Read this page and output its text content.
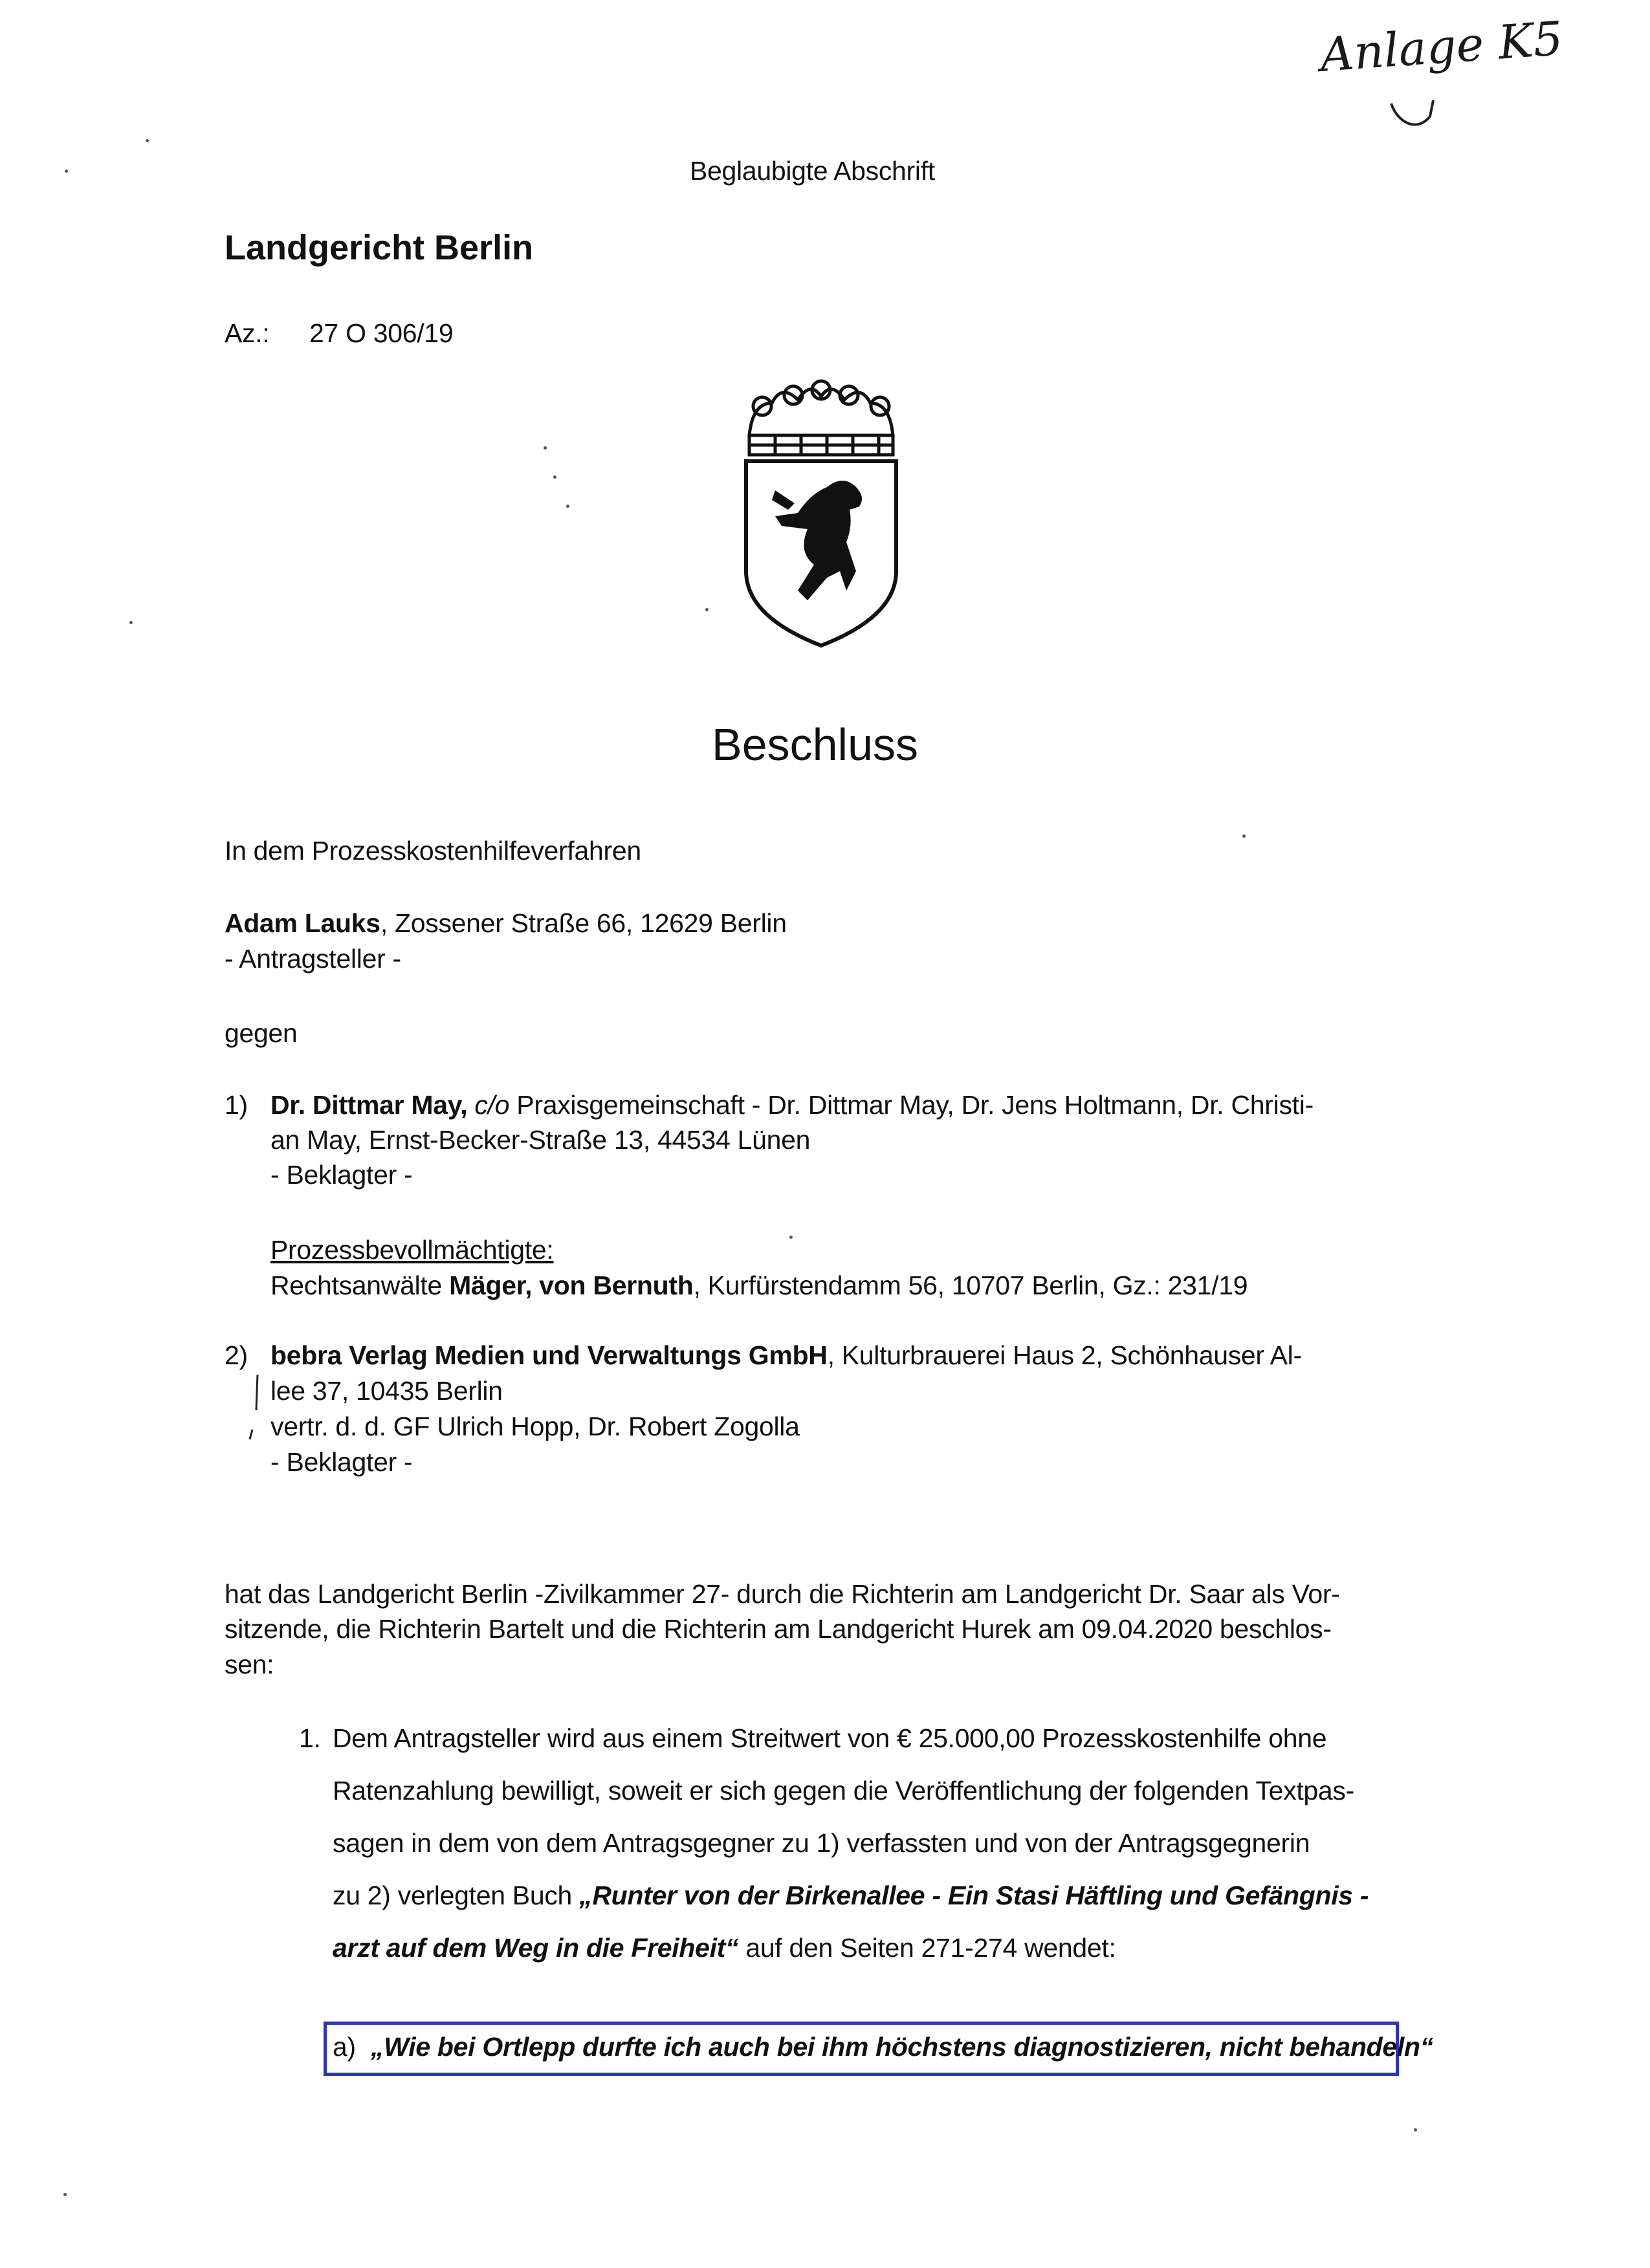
Anlage K5
Beglaubigte Abschrift
Landgericht Berlin
Az.: 27 O 306/19
Beschluss
In dem Prozesskostenhilfeverfahren
Adam Lauks, Zossener Straße 66, 12629 Berlin
- Antragsteller -
gegen
1) Dr. Dittmar May, c/o Praxisgemeinschaft - Dr. Dittmar May, Dr. Jens Holtmann, Dr. Christi-
an May, Ernst-Becker-Straße 13, 44534 Lünen
- Beklagter -
Prozessbevollmächtigte:
Rechtsanwälte Mäger, von Bernuth, Kurfürstendamm 56, 10707 Berlin, Gz.: 231/19
2) bebra Verlag Medien und Verwaltungs GmbH, Kulturbrauerei Haus 2, Schönhauser Al-
lee 37, 10435 Berlin
vertr. d. d. GF Ulrich Hopp, Dr. Robert Zogolla
- Beklagter -
hat das Landgericht Berlin -Zivilkammer 27- durch die Richterin am Landgericht Dr. Saar als Vor-
sitzende, die Richterin Bartelt und die Richterin am Landgericht Hurek am 09.04.2020 beschlos-
sen:
1. Dem Antragsteller wird aus einem Streitwert von € 25.000,00 Prozesskostenhilfe ohne
Ratenzahlung bewilligt, soweit er sich gegen die Veröffentlichung der folgenden Textpas-
sagen in dem von dem Antragsgegner zu 1) verfassten und von der Antragsgegnerin
zu 2) verlegten Buch „Runter von der Birkenallee - Ein Stasi Häftling und Gefängnis -
arzt auf dem Weg in die Freiheit“ auf den Seiten 271-274 wendet:
a) „Wie bei Ortlepp durfte ich auch bei ihm höchstens diagnostizieren, nicht behandeln“
